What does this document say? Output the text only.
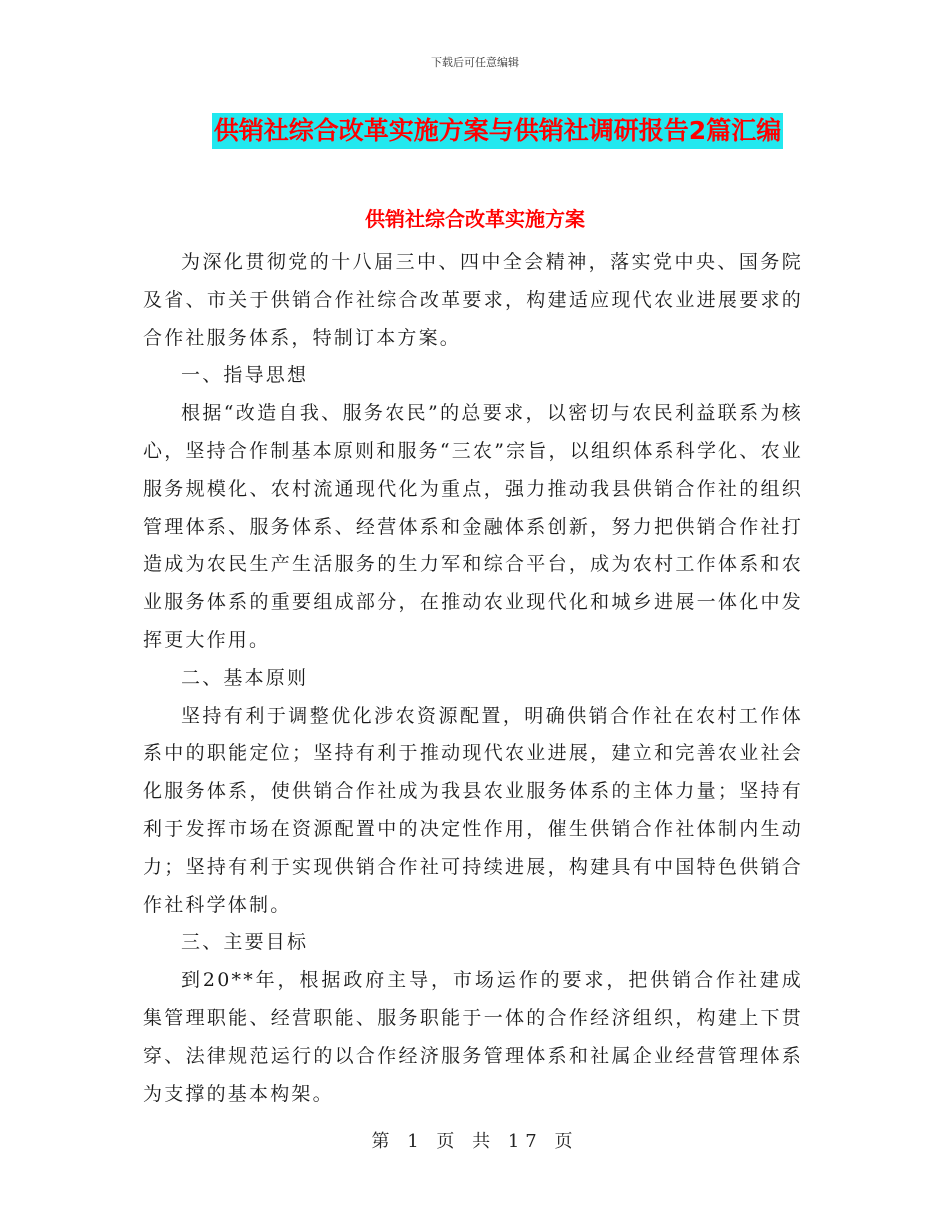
下载后可任意编辑
供销社综合改革实施方案与供销社调研报告2篇汇编
供销社综合改革实施方案

为深化贯彻党的十八届三中、四中全会精神，落实党中央、国务院及省、市关于供销合作社综合改革要求，构建适应现代农业进展要求的合作社服务体系，特制订本方案。

一、指导思想

根据“改造自我、服务农民”的总要求，以密切与农民利益联系为核心，坚持合作制基本原则和服务“三农”宗旨，以组织体系科学化、农业服务规模化、农村流通现代化为重点，强力推动我县供销合作社的组织管理体系、服务体系、经营体系和金融体系创新，努力把供销合作社打造成为农民生产生活服务的生力军和综合平台，成为农村工作体系和农业服务体系的重要组成部分，在推动农业现代化和城乡进展一体化中发挥更大作用。

二、基本原则

坚持有利于调整优化涉农资源配置，明确供销合作社在农村工作体系中的职能定位；坚持有利于推动现代农业进展，建立和完善农业社会化服务体系，使供销合作社成为我县农业服务体系的主体力量；坚持有利于发挥市场在资源配置中的决定性作用，催生供销合作社体制内生动力；坚持有利于实现供销合作社可持续进展，构建具有中国特色供销合作社科学体制。

三、主要目标

到20**年，根据政府主导，市场运作的要求，把供销合作社建成集管理职能、经营职能、服务职能于一体的合作经济组织，构建上下贯穿、法律规范运行的以合作经济服务管理体系和社属企业经营管理体系为支撑的基本构架。

第 1 页 共 17 页
